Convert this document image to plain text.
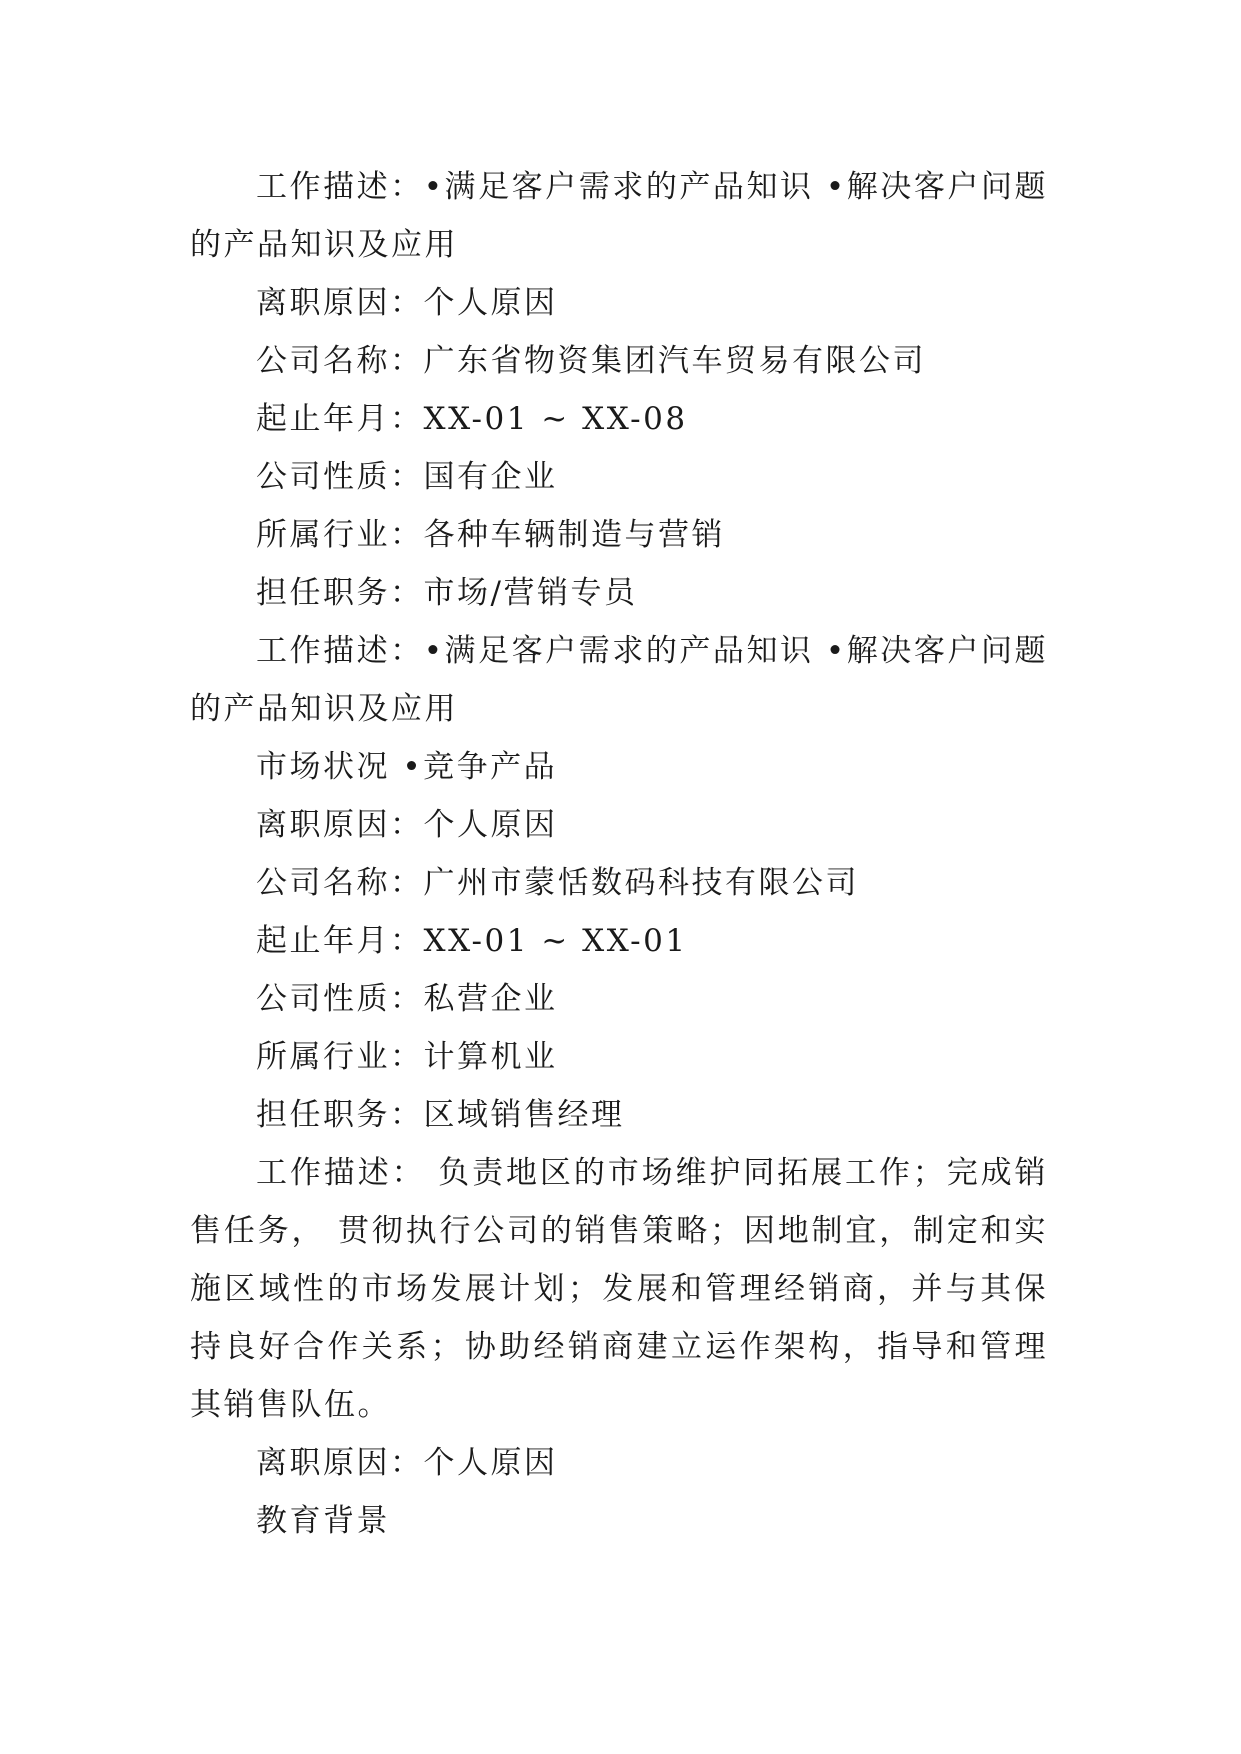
工作描述：•满足客户需求的产品知识 •解决客户问题的产品知识及应用

离职原因：个人原因

公司名称：广东省物资集团汽车贸易有限公司

起止年月：XX-01 ~ XX-08

公司性质：国有企业

所属行业：各种车辆制造与营销

担任职务：市场/营销专员

工作描述：•满足客户需求的产品知识 •解决客户问题的产品知识及应用

市场状况 •竞争产品

离职原因：个人原因

公司名称：广州市蒙恬数码科技有限公司

起止年月：XX-01 ~ XX-01

公司性质：私营企业

所属行业：计算机业

担任职务：区域销售经理

工作描述： 负责地区的市场维护同拓展工作；完成销售任务， 贯彻执行公司的销售策略；因地制宜，制定和实施区域性的市场发展计划；发展和管理经销商，并与其保持良好合作关系；协助经销商建立运作架构，指导和管理其销售队伍。

离职原因：个人原因

教育背景
